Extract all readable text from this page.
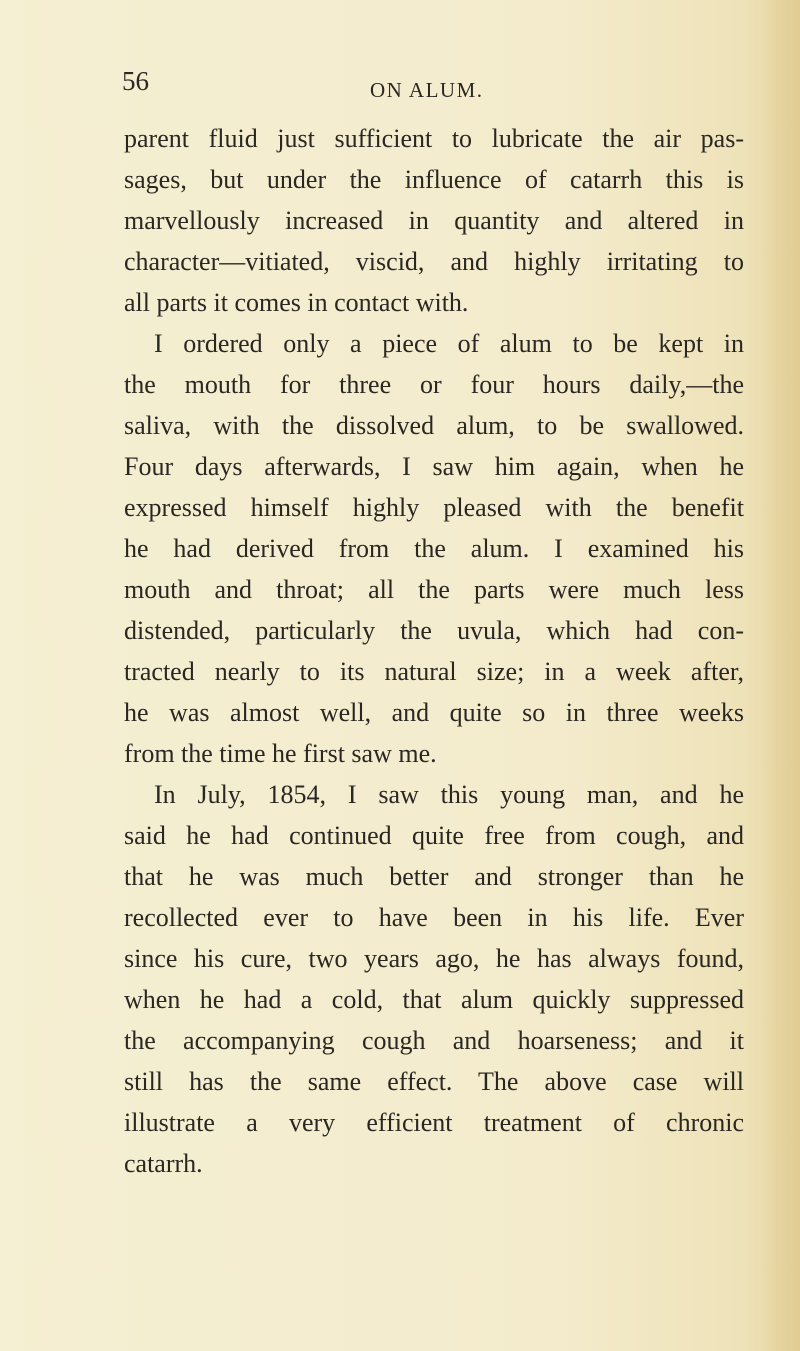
56	ON ALUM.
parent fluid just sufficient to lubricate the air pas-
sages, but under the influence of catarrh this is
marvellously increased in quantity and altered in
character—vitiated, viscid, and highly irritating to
all parts it comes in contact with.
I ordered only a piece of alum to be kept in
the mouth for three or four hours daily,—the
saliva, with the dissolved alum, to be swallowed.
Four days afterwards, I saw him again, when he
expressed himself highly pleased with the benefit
he had derived from the alum. I examined his
mouth and throat; all the parts were much less
distended, particularly the uvula, which had con-
tracted nearly to its natural size; in a week after,
he was almost well, and quite so in three weeks
from the time he first saw me.
In July, 1854, I saw this young man, and he
said he had continued quite free from cough, and
that he was much better and stronger than he
recollected ever to have been in his life. Ever
since his cure, two years ago, he has always found,
when he had a cold, that alum quickly suppressed
the accompanying cough and hoarseness; and it
still has the same effect. The above case will
illustrate a very efficient treatment of chronic
catarrh.
